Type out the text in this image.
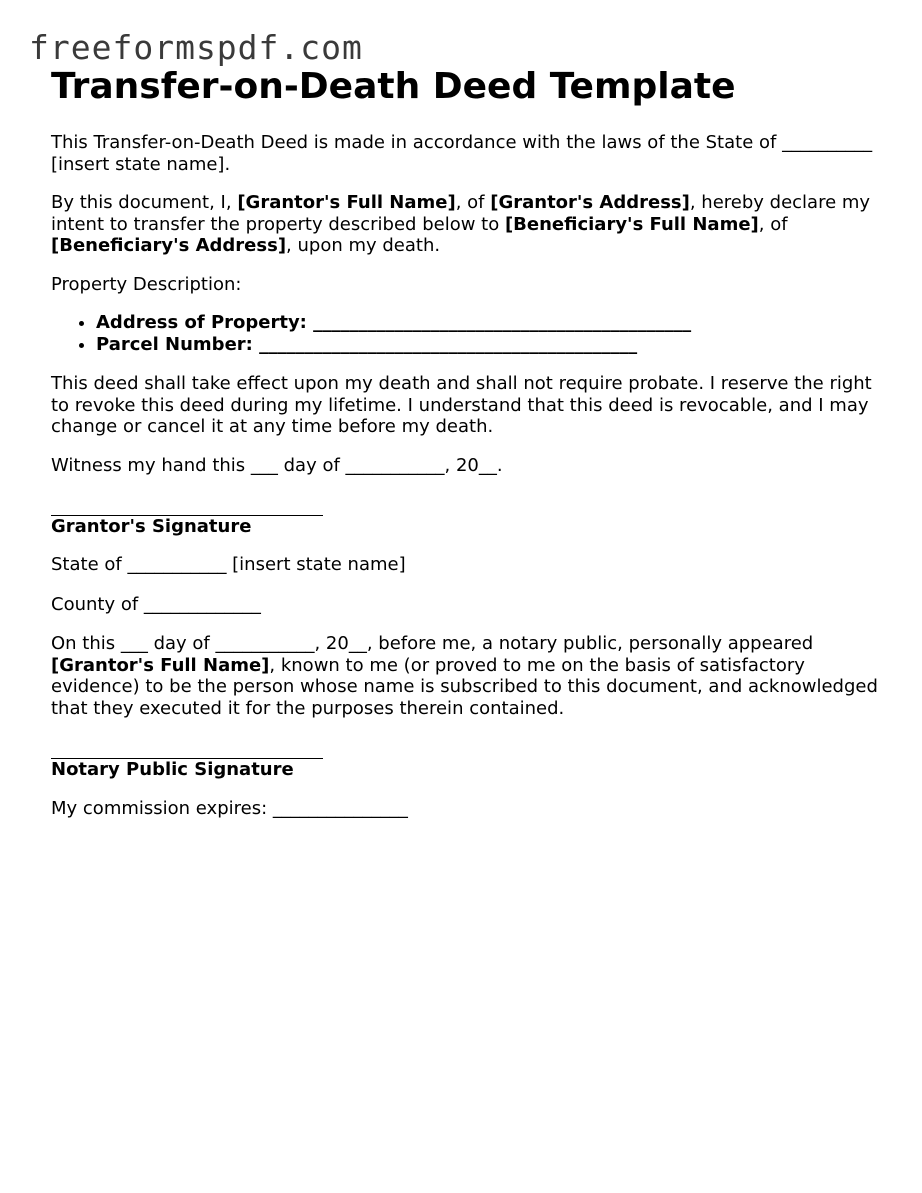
freeformspdf.com
Transfer-on-Death Deed Template

This Transfer-on-Death Deed is made in accordance with the laws of the State of __________ [insert state name].

By this document, I, [Grantor's Full Name], of [Grantor's Address], hereby declare my intent to transfer the property described below to [Beneficiary's Full Name], of [Beneficiary's Address], upon my death.

Property Description:

• Address of Property: __________________________________________
• Parcel Number: __________________________________________

This deed shall take effect upon my death and shall not require probate. I reserve the right to revoke this deed during my lifetime. I understand that this deed is revocable, and I may change or cancel it at any time before my death.

Witness my hand this ___ day of ___________, 20__.

Grantor's Signature

State of ___________ [insert state name]

County of _____________

On this ___ day of ___________, 20__, before me, a notary public, personally appeared [Grantor's Full Name], known to me (or proved to me on the basis of satisfactory evidence) to be the person whose name is subscribed to this document, and acknowledged that they executed it for the purposes therein contained.

Notary Public Signature

My commission expires: _______________
